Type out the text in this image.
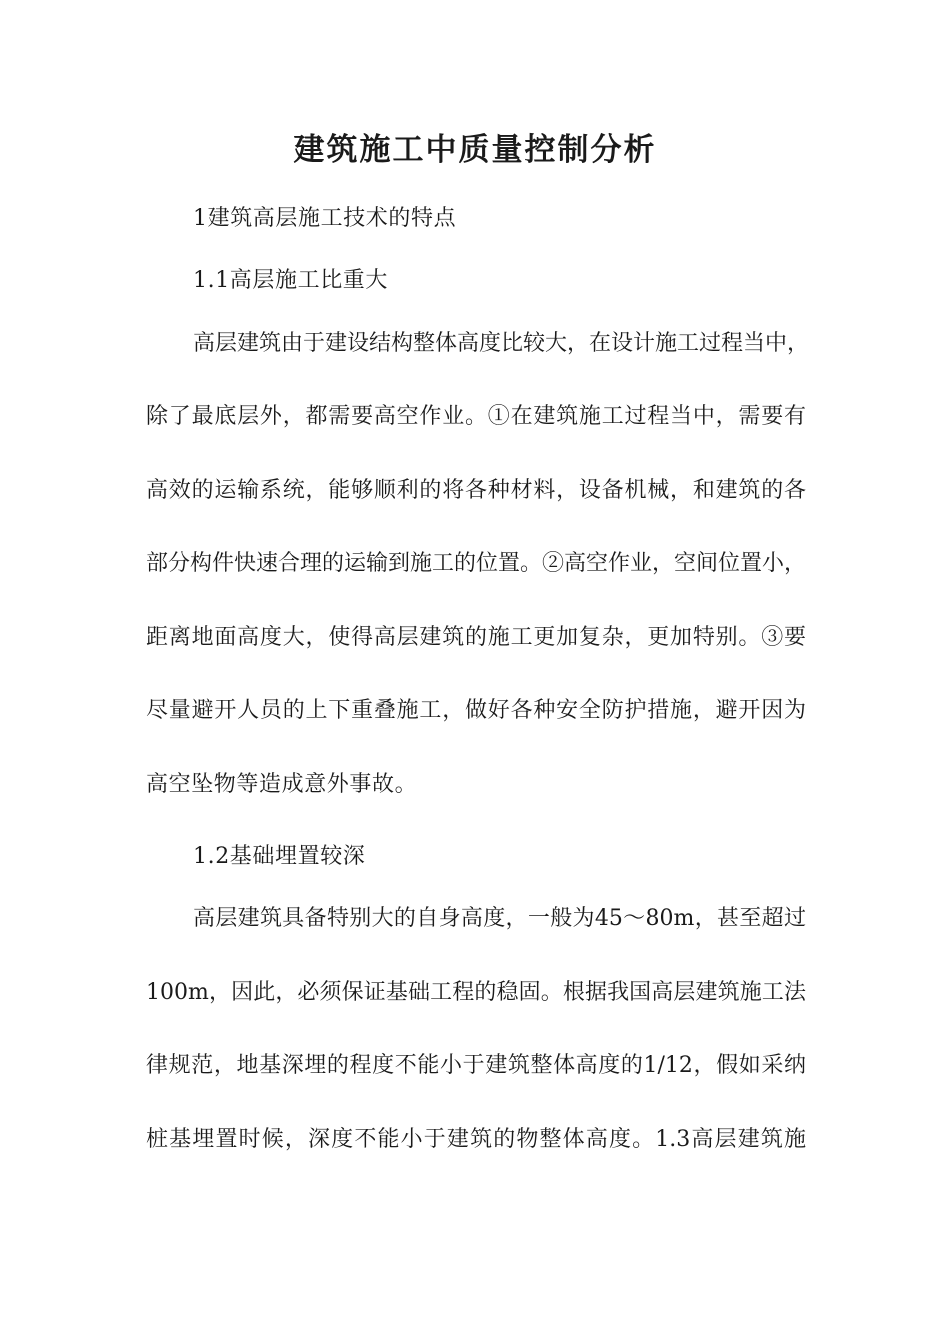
建筑施工中质量控制分析
1建筑高层施工技术的特点
1.1高层施工比重大
高层建筑由于建设结构整体高度比较大，在设计施工过程当中，
除了最底层外，都需要高空作业。①在建筑施工过程当中，需要有
高效的运输系统，能够顺利的将各种材料，设备机械，和建筑的各
部分构件快速合理的运输到施工的位置。②高空作业，空间位置小，
距离地面高度大，使得高层建筑的施工更加复杂，更加特别。③要
尽量避开人员的上下重叠施工，做好各种安全防护措施，避开因为
高空坠物等造成意外事故。
1.2基础埋置较深
高层建筑具备特别大的自身高度，一般为45～80m，甚至超过
100m，因此，必须保证基础工程的稳固。根据我国高层建筑施工法
律规范，地基深埋的程度不能小于建筑整体高度的1/12，假如采纳
桩基埋置时候，深度不能小于建筑的物整体高度。1.3高层建筑施
